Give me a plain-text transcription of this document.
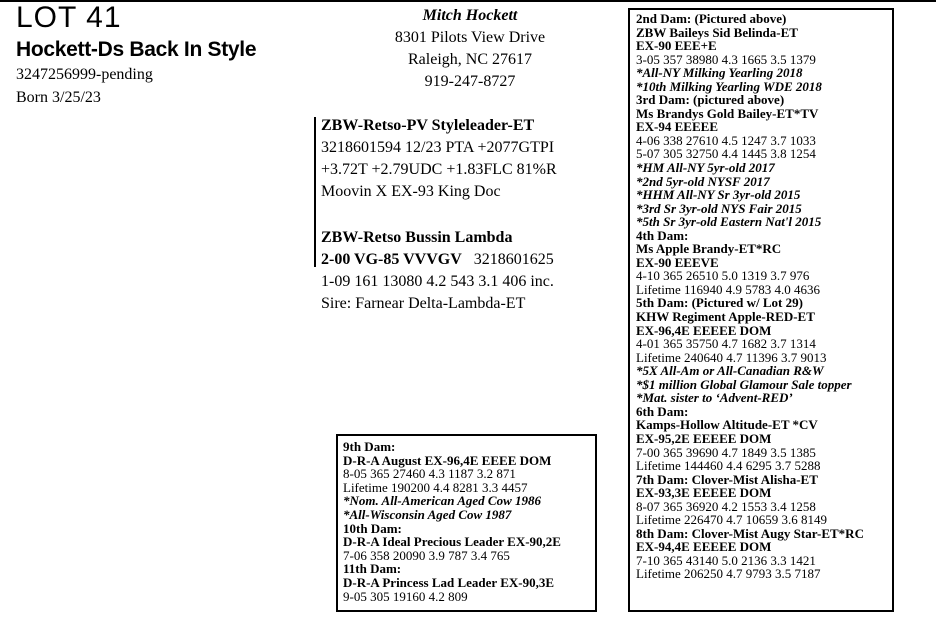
LOT 41
Hockett-Ds Back In Style
3247256999-pending
Born 3/25/23
Mitch Hockett
8301 Pilots View Drive
Raleigh, NC 27617
919-247-8727
ZBW-Retso-PV Styleleader-ET
3218601594 12/23 PTA +2077GTPI
+3.72T +2.79UDC +1.83FLC 81%R
Moovin X EX-93 King Doc
ZBW-Retso Bussin Lambda
2-00 VG-85 VVVGV 3218601625
1-09 161 13080 4.2 543 3.1 406 inc.
Sire: Farnear Delta-Lambda-ET
2nd Dam: (Pictured above)
ZBW Baileys Sid Belinda-ET
EX-90 EEE+E
3-05 357 38980 4.3 1665 3.5 1379
*All-NY Milking Yearling 2018
*10th Milking Yearling WDE 2018
3rd Dam: (pictured above)
Ms Brandys Gold Bailey-ET*TV
EX-94 EEEEE
4-06 338 27610 4.5 1247 3.7 1033
5-07 305 32750 4.4 1445 3.8 1254
*HM All-NY 5yr-old 2017
*2nd 5yr-old NYSF 2017
*HHM All-NY Sr 3yr-old 2015
*3rd Sr 3yr-old NYS Fair 2015
*5th Sr 3yr-old Eastern Nat'l 2015
4th Dam:
Ms Apple Brandy-ET*RC
EX-90 EEEVE
4-10 365 26510 5.0 1319 3.7 976
Lifetime 116940 4.9 5783 4.0 4636
5th Dam: (Pictured w/ Lot 29)
KHW Regiment Apple-RED-ET
EX-96,4E EEEEE DOM
4-01 365 35750 4.7 1682 3.7 1314
Lifetime 240640 4.7 11396 3.7 9013
*5X All-Am or All-Canadian R&W
*$1 million Global Glamour Sale topper
*Mat. sister to ‘Advent-RED’
6th Dam:
Kamps-Hollow Altitude-ET *CV
EX-95,2E EEEEE DOM
7-00 365 39690 4.7 1849 3.5 1385
Lifetime 144460 4.4 6295 3.7 5288
7th Dam: Clover-Mist Alisha-ET
EX-93,3E EEEEE DOM
8-07 365 36920 4.2 1553 3.4 1258
Lifetime 226470 4.7 10659 3.6 8149
8th Dam: Clover-Mist Augy Star-ET*RC
EX-94,4E EEEEE DOM
7-10 365 43140 5.0 2136 3.3 1421
Lifetime 206250 4.7 9793 3.5 7187
9th Dam:
D-R-A August EX-96,4E EEEE DOM
8-05 365 27460 4.3 1187 3.2 871
Lifetime 190200 4.4 8281 3.3 4457
*Nom. All-American Aged Cow 1986
*All-Wisconsin Aged Cow 1987
10th Dam:
D-R-A Ideal Precious Leader EX-90,2E
7-06 358 20090 3.9 787 3.4 765
11th Dam:
D-R-A Princess Lad Leader EX-90,3E
9-05 305 19160 4.2 809
